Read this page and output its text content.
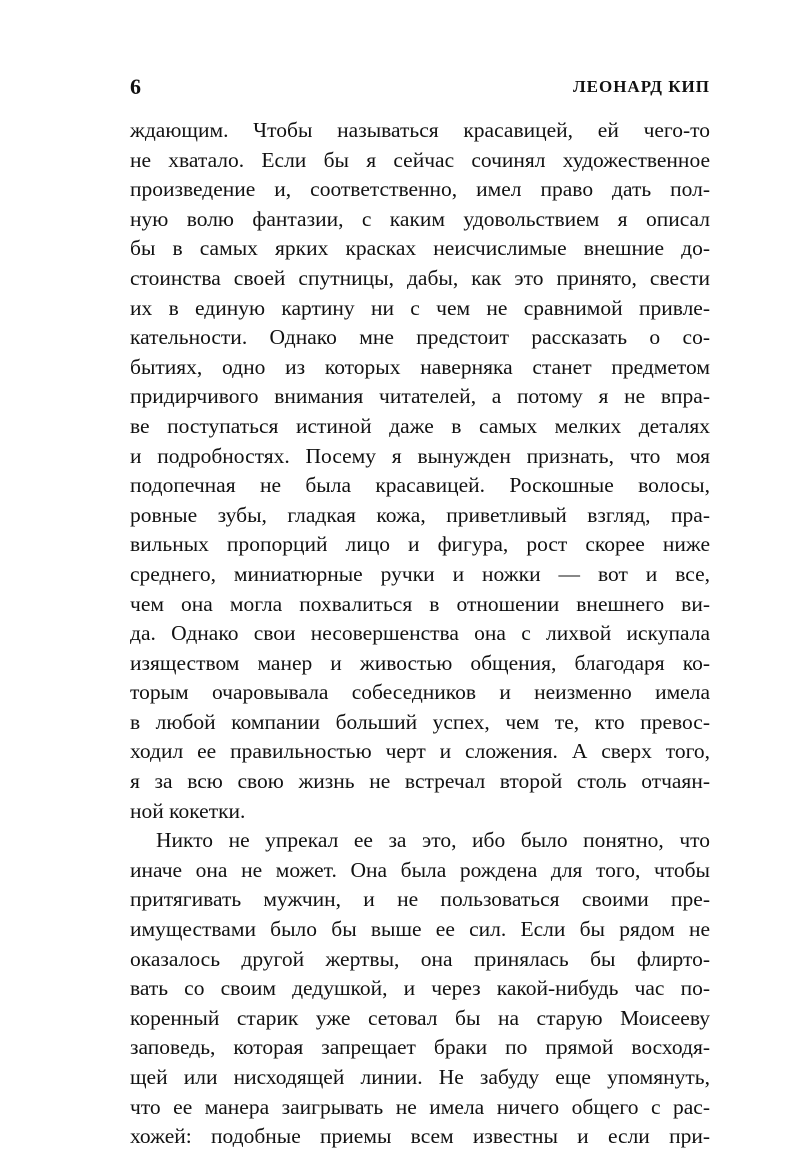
6	ЛЕОНАРД КИП
ждающим. Чтобы называться красавицей, ей чего-то
не хватало. Если бы я сейчас сочинял художественное
произведение и, соответственно, имел право дать пол-
ную волю фантазии, с каким удовольствием я описал
бы в самых ярких красках неисчислимые внешние до-
стоинства своей спутницы, дабы, как это принято, свести
их в единую картину ни с чем не сравнимой привле-
кательности. Однако мне предстоит рассказать о со-
бытиях, одно из которых наверняка станет предметом
придирчивого внимания читателей, а потому я не впра-
ве поступаться истиной даже в самых мелких деталях
и подробностях. Посему я вынужден признать, что моя
подопечная не была красавицей. Роскошные волосы,
ровные зубы, гладкая кожа, приветливый взгляд, пра-
вильных пропорций лицо и фигура, рост скорее ниже
среднего, миниатюрные ручки и ножки — вот и все,
чем она могла похвалиться в отношении внешнего ви-
да. Однако свои несовершенства она с лихвой искупала
изяществом манер и живостью общения, благодаря ко-
торым очаровывала собеседников и неизменно имела
в любой компании больший успех, чем те, кто превос-
ходил ее правильностью черт и сложения. А сверх того,
я за всю свою жизнь не встречал второй столь отчаян-
ной кокетки.
Никто не упрекал ее за это, ибо было понятно, что
иначе она не может. Она была рождена для того, чтобы
притягивать мужчин, и не пользоваться своими пре-
имуществами было бы выше ее сил. Если бы рядом не
оказалось другой жертвы, она принялась бы флирто-
вать со своим дедушкой, и через какой-нибудь час по-
коренный старик уже сетовал бы на старую Моисееву
заповедь, которая запрещает браки по прямой восходя-
щей или нисходящей линии. Не забуду еще упомянуть,
что ее манера заигрывать не имела ничего общего с рас-
хожей: подобные приемы всем известны и если при-
